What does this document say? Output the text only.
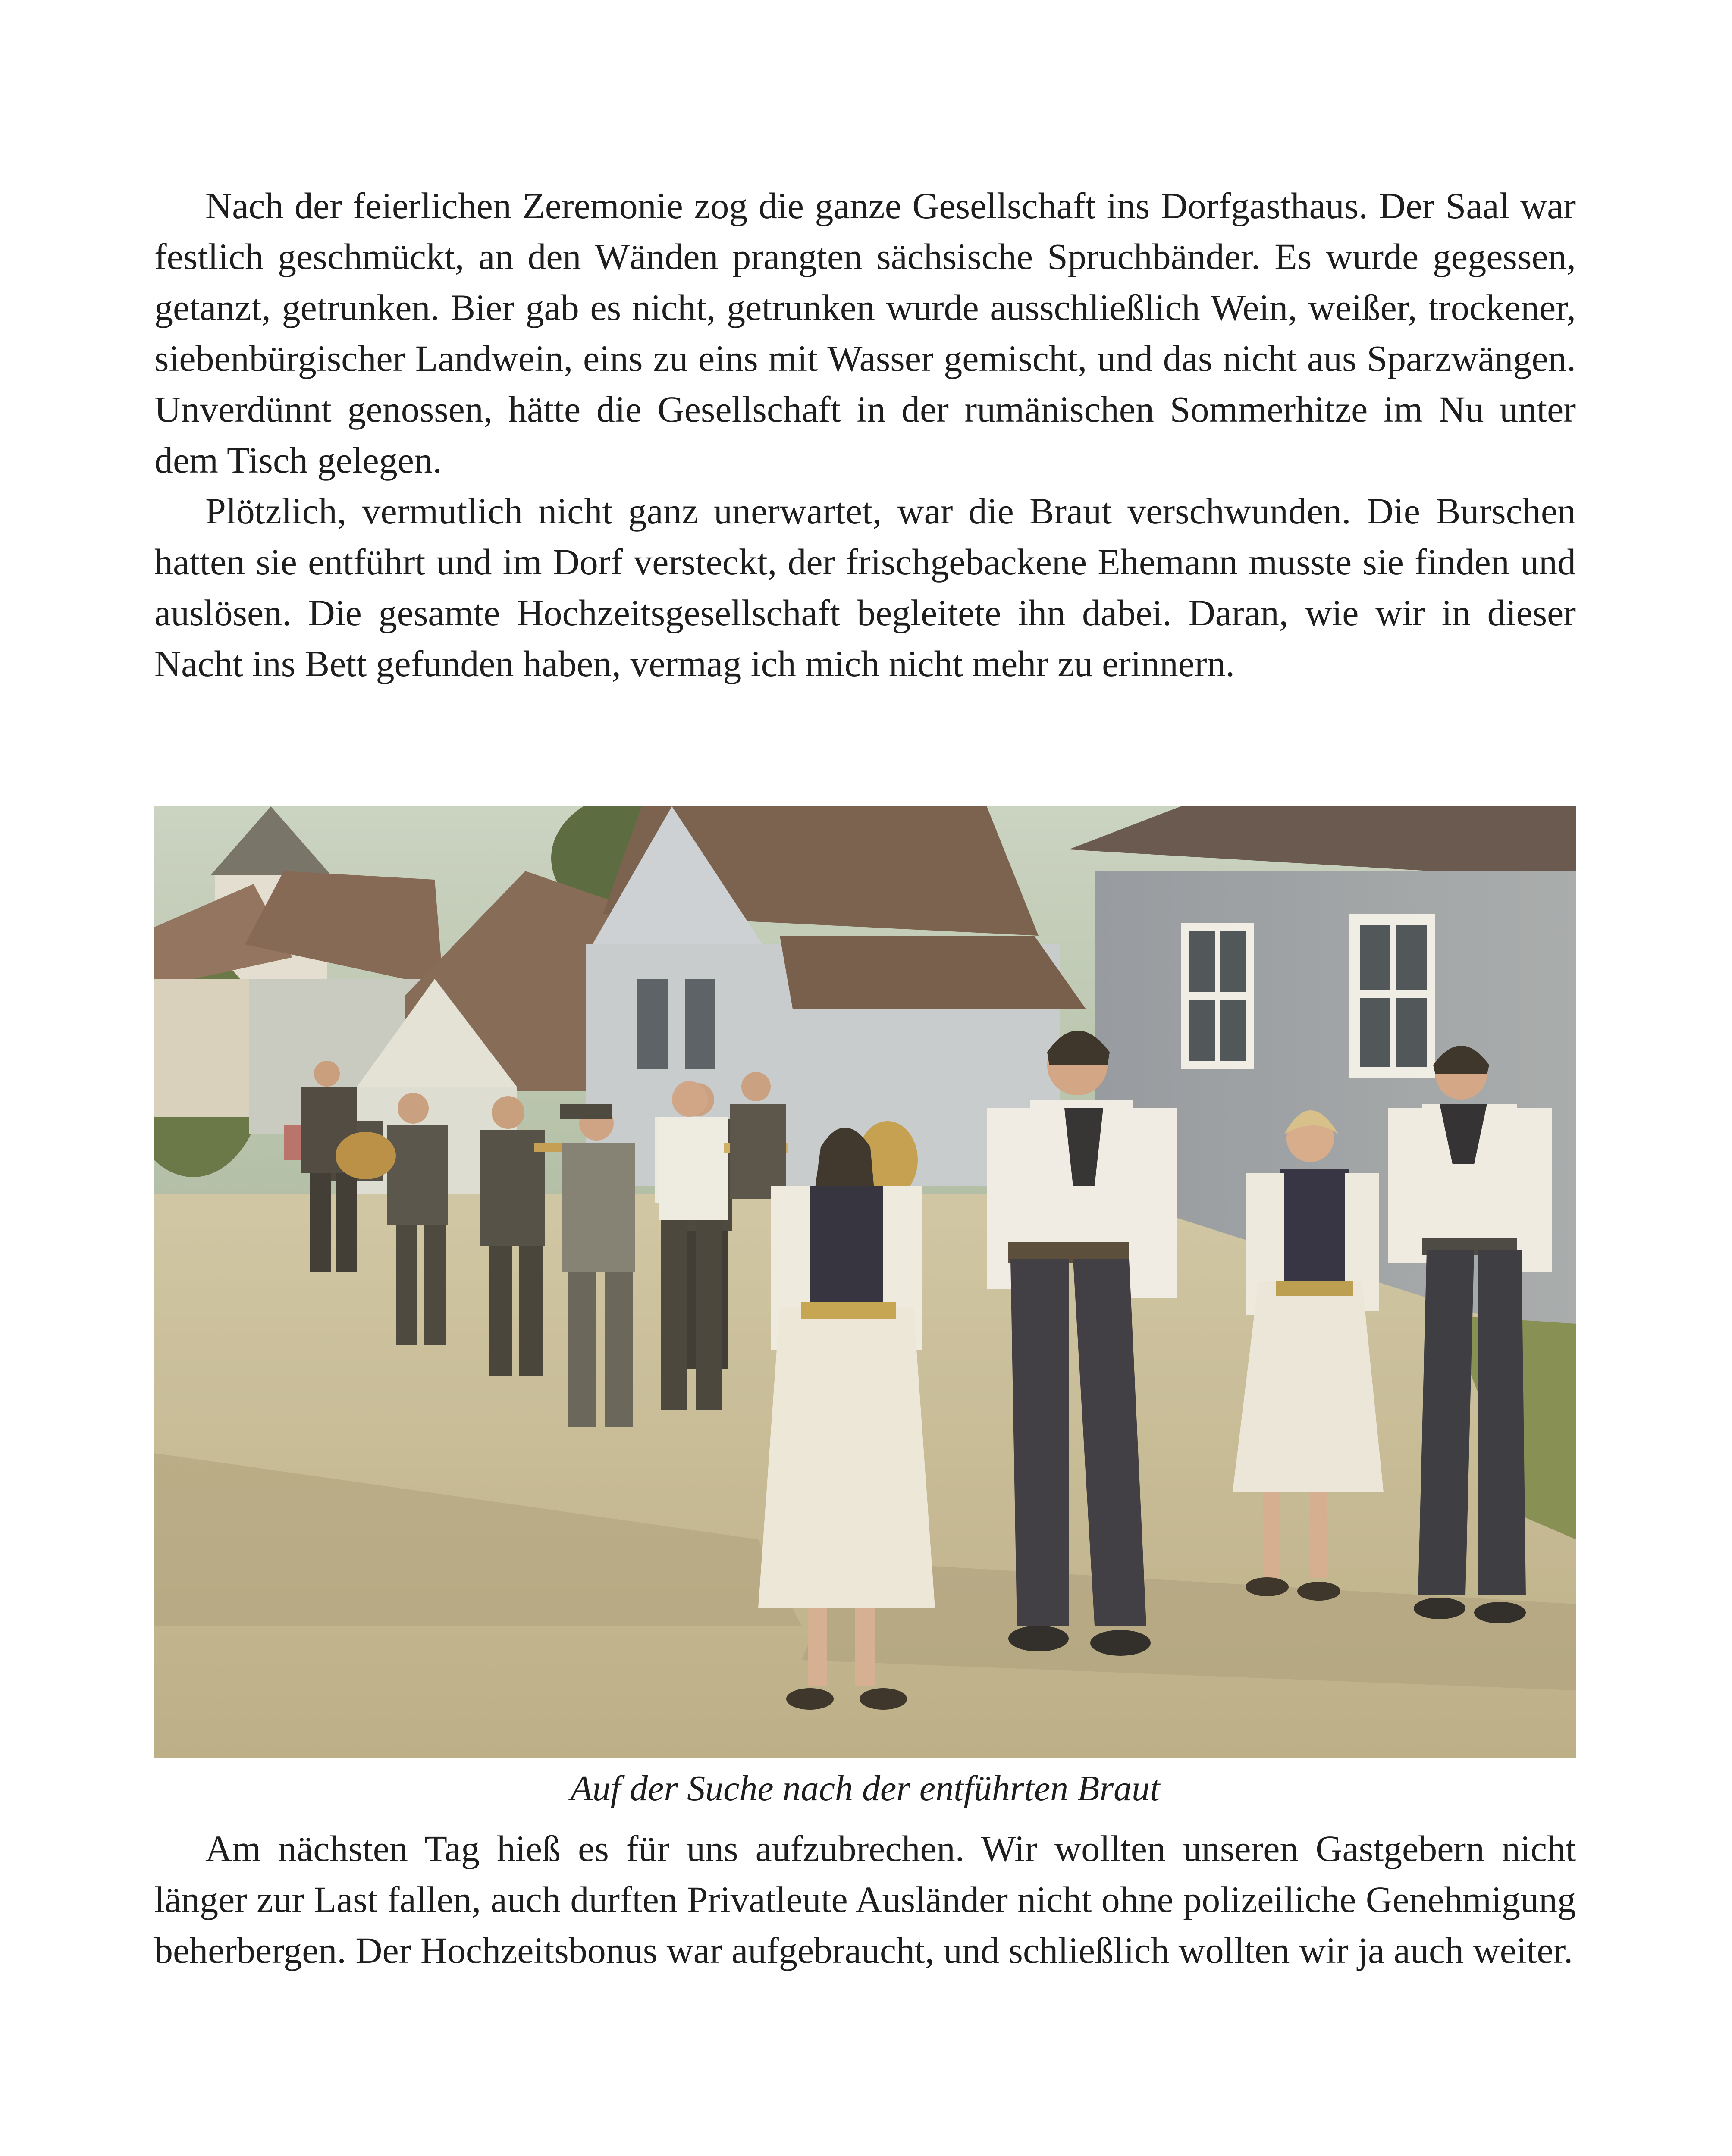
Nach der feierlichen Zeremonie zog die ganze Gesellschaft ins Dorfgasthaus. Der Saal war festlich geschmückt, an den Wänden prangten sächsische Spruchbänder. Es wurde gegessen, getanzt, getrunken. Bier gab es nicht, getrunken wurde ausschließlich Wein, weißer, trockener, siebenbürgischer Landwein, eins zu eins mit Wasser gemischt, und das nicht aus Sparzwängen. Unverdünnt genossen, hätte die Gesellschaft in der rumänischen Sommerhitze im Nu unter dem Tisch gelegen.

Plötzlich, vermutlich nicht ganz unerwartet, war die Braut verschwunden. Die Burschen hatten sie entführt und im Dorf versteckt, der frischgebackene Ehemann musste sie finden und auslösen. Die gesamte Hochzeitsgesellschaft begleitete ihn dabei. Daran, wie wir in dieser Nacht ins Bett gefunden haben, vermag ich mich nicht mehr zu erinnern.

Auf der Suche nach der entführten Braut

Am nächsten Tag hieß es für uns aufzubrechen. Wir wollten unseren Gastgebern nicht länger zur Last fallen, auch durften Privatleute Ausländer nicht ohne polizeiliche Genehmigung beherbergen. Der Hochzeitsbonus war aufgebraucht, und schließlich wollten wir ja auch weiter.
